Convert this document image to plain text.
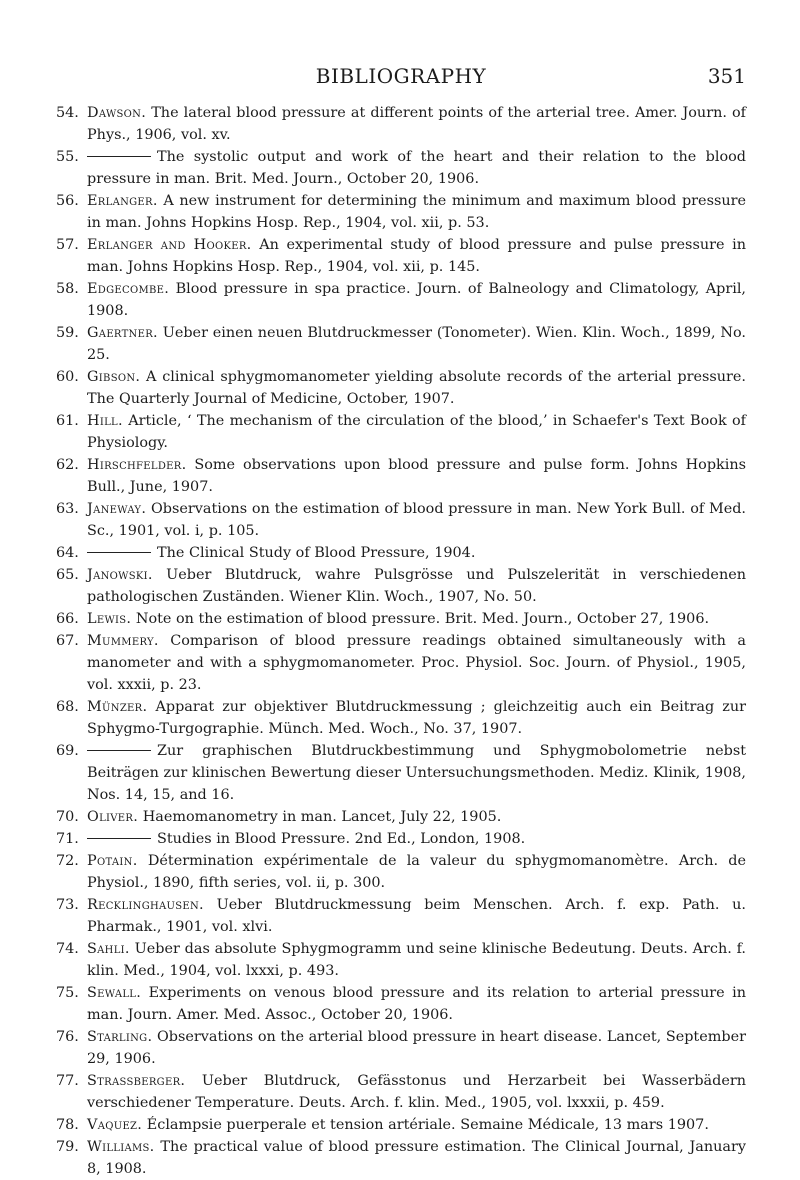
BIBLIOGRAPHY	351
54. Dawson. The lateral blood pressure at different points of the arterial tree. Amer. Journ. of Phys., 1906, vol. xv.
55.	The systolic output and work of the heart and their relation to the blood pressure in man. Brit. Med. Journ., October 20, 1906.
56. Erlanger. A new instrument for determining the minimum and maximum blood pressure in man. Johns Hopkins Hosp. Rep., 1904, vol. xii, p. 53.
57. Erlanger and Hooker. An experimental study of blood pressure and pulse pressure in man. Johns Hopkins Hosp. Rep., 1904, vol. xii, p. 145.
58. Edgecombe. Blood pressure in spa practice. Journ. of Balneology and Climatology, April, 1908.
59. Gaertner. Ueber einen neuen Blutdruckmesser (Tonometer). Wien. Klin. Woch., 1899, No. 25.
60. Gibson. A clinical sphygmomanometer yielding absolute records of the arterial pressure. The Quarterly Journal of Medicine, October, 1907.
61. Hill. Article, ‘ The mechanism of the circulation of the blood,’ in Schaefer's Text Book of Physiology.
62. Hirschfelder. Some observations upon blood pressure and pulse form. Johns Hopkins Bull., June, 1907.
63. Janeway. Observations on the estimation of blood pressure in man. New York Bull. of Med. Sc., 1901, vol. i, p. 105.
64.	The Clinical Study of Blood Pressure, 1904.
65. Janowski. Ueber Blutdruck, wahre Pulsgrösse und Pulszelerität in verschiedenen pathologischen Zuständen. Wiener Klin. Woch., 1907, No. 50.
66. Lewis. Note on the estimation of blood pressure. Brit. Med. Journ., October 27, 1906.
67. Mummery. Comparison of blood pressure readings obtained simultaneously with a manometer and with a sphygmomanometer. Proc. Physiol. Soc. Journ. of Physiol., 1905, vol. xxxii, p. 23.
68. Münzer. Apparat zur objektiver Blutdruckmessung ; gleichzeitig auch ein Beitrag zur Sphygmo-Turgographie. Münch. Med. Woch., No. 37, 1907.
69.	Zur graphischen Blutdruckbestimmung und Sphygmobolometrie nebst Beiträgen zur klinischen Bewertung dieser Untersuchungsmethoden. Mediz. Klinik, 1908, Nos. 14, 15, and 16.
70. Oliver. Haemomanometry in man. Lancet, July 22, 1905.
71.	Studies in Blood Pressure. 2nd Ed., London, 1908.
72. Potain. Détermination expérimentale de la valeur du sphygmomanomètre. Arch. de Physiol., 1890, fifth series, vol. ii, p. 300.
73. Recklinghausen. Ueber Blutdruckmessung beim Menschen. Arch. f. exp. Path. u. Pharmak., 1901, vol. xlvi.
74. Sahli. Ueber das absolute Sphygmogramm und seine klinische Bedeutung. Deuts. Arch. f. klin. Med., 1904, vol. lxxxi, p. 493.
75. Sewall. Experiments on venous blood pressure and its relation to arterial pressure in man. Journ. Amer. Med. Assoc., October 20, 1906.
76. Starling. Observations on the arterial blood pressure in heart disease. Lancet, September 29, 1906.
77. Strassberger. Ueber Blutdruck, Gefässtonus und Herzarbeit bei Wasserbädern verschiedener Temperature. Deuts. Arch. f. klin. Med., 1905, vol. lxxxii, p. 459.
78. Vaquez. Éclampsie puerperale et tension artériale. Semaine Médicale, 13 mars 1907.
79. Williams. The practical value of blood pressure estimation. The Clinical Journal, January 8, 1908.
